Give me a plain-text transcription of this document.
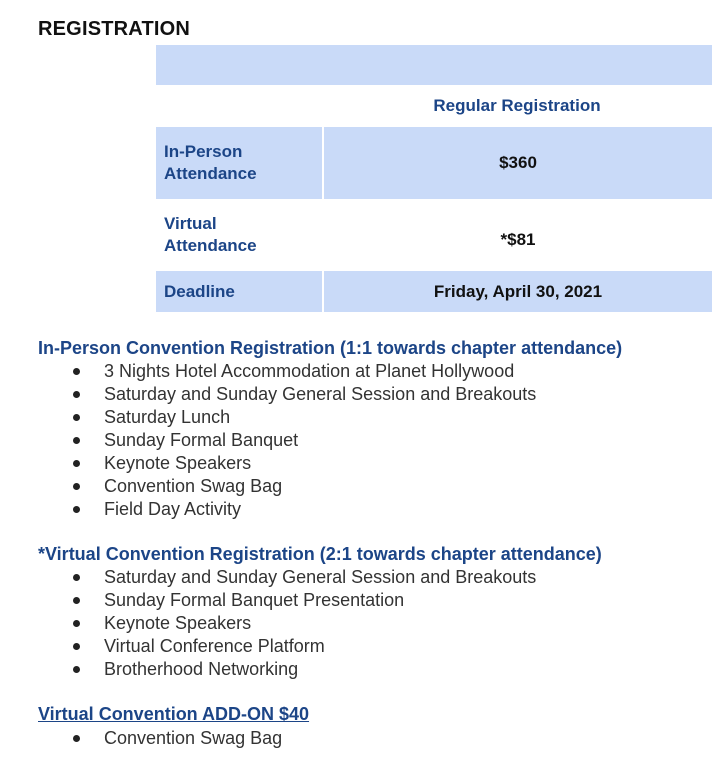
REGISTRATION
Regular Registration
In-Person
Attendance
$360
Virtual
Attendance	*$81
Deadline	Friday, April 30, 2021
In-Person Convention Registration (1:1 towards chapter attendance)
3 Nights Hotel Accommodation at Planet Hollywood
Saturday and Sunday General Session and Breakouts
Saturday Lunch
Sunday Formal Banquet
Keynote Speakers
Convention Swag Bag
Field Day Activity
*Virtual Convention Registration (2:1 towards chapter attendance)
Saturday and Sunday General Session and Breakouts
Sunday Formal Banquet Presentation
Keynote Speakers
Virtual Conference Platform
Brotherhood Networking
Virtual Convention ADD-ON $40
Convention Swag Bag
